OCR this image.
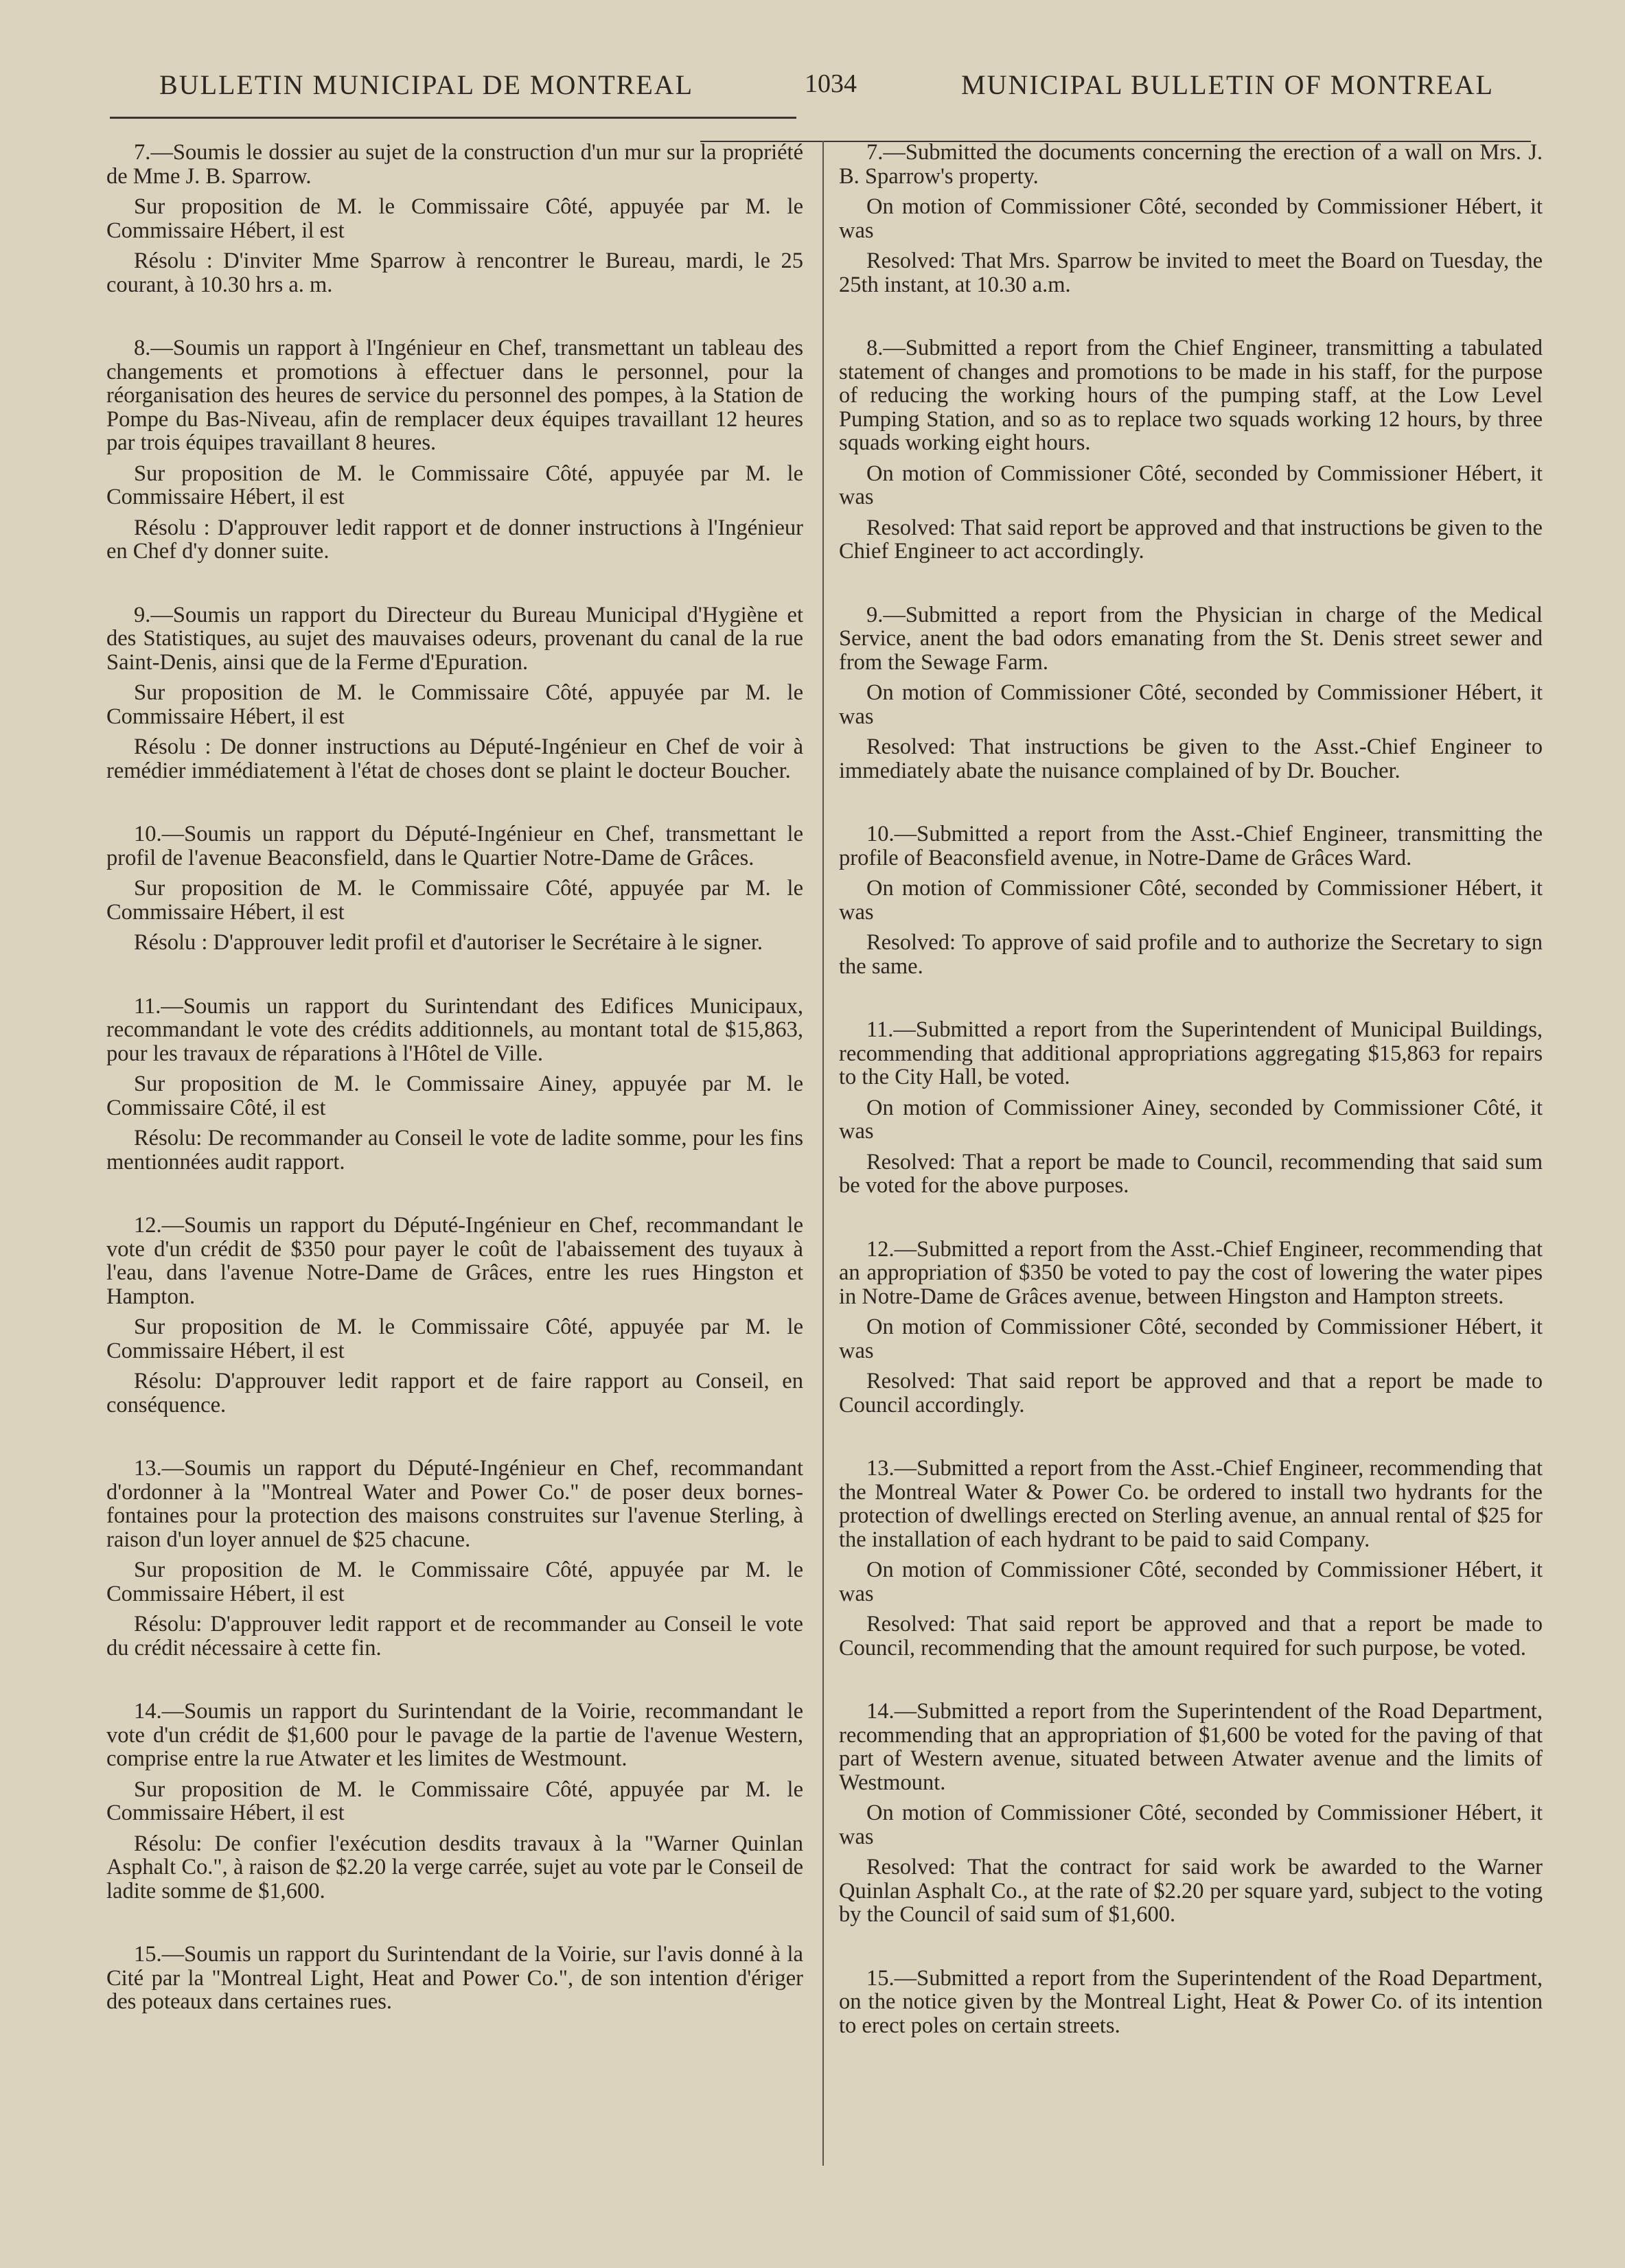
BULLETIN MUNICIPAL DE MONTREAL	1034	MUNICIPAL BULLETIN OF MONTREAL

7.—Soumis le dossier au sujet de la construction d'un mur sur la propriété de Mme J. B. Sparrow.

Sur proposition de M. le Commissaire Côté, appuyée par M. le Commissaire Hébert, il est

Résolu : D'inviter Mme Sparrow à rencontrer le Bureau, mardi, le 25 courant, à 10.30 hrs a. m.

8.—Soumis un rapport à l'Ingénieur en Chef, transmettant un tableau des changements et promotions à effectuer dans le personnel, pour la réorganisation des heures de service du personnel des pompes, à la Station de Pompe du Bas-Niveau, afin de remplacer deux équipes travaillant 12 heures par trois équipes travaillant 8 heures.

Sur proposition de M. le Commissaire Côté, appuyée par M. le Commissaire Hébert, il est

Résolu : D'approuver ledit rapport et de donner instructions à l'Ingénieur en Chef d'y donner suite.

9.—Soumis un rapport du Directeur du Bureau Municipal d'Hygiène et des Statistiques, au sujet des mauvaises odeurs, provenant du canal de la rue Saint-Denis, ainsi que de la Ferme d'Epuration.

Sur proposition de M. le Commissaire Côté, appuyée par M. le Commissaire Hébert, il est

Résolu : De donner instructions au Député-Ingénieur en Chef de voir à remédier immédiatement à l'état de choses dont se plaint le docteur Boucher.

10.—Soumis un rapport du Député-Ingénieur en Chef, transmettant le profil de l'avenue Beaconsfield, dans le Quartier Notre-Dame de Grâces.

Sur proposition de M. le Commissaire Côté, appuyée par M. le Commissaire Hébert, il est

Résolu : D'approuver ledit profil et d'autoriser le Secrétaire à le signer.

11.—Soumis un rapport du Surintendant des Edifices Municipaux, recommandant le vote des crédits additionnels, au montant total de $15,863, pour les travaux de réparations à l'Hôtel de Ville.

Sur proposition de M. le Commissaire Ainey, appuyée par M. le Commissaire Côté, il est

Résolu: De recommander au Conseil le vote de ladite somme, pour les fins mentionnées audit rapport.

12.—Soumis un rapport du Député-Ingénieur en Chef, recommandant le vote d'un crédit de $350 pour payer le coût de l'abaissement des tuyaux à l'eau, dans l'avenue Notre-Dame de Grâces, entre les rues Hingston et Hampton.

Sur proposition de M. le Commissaire Côté, appuyée par M. le Commissaire Hébert, il est

Résolu: D'approuver ledit rapport et de faire rapport au Conseil, en conséquence.

13.—Soumis un rapport du Député-Ingénieur en Chef, recommandant d'ordonner à la "Montreal Water and Power Co." de poser deux bornes-fontaines pour la protection des maisons construites sur l'avenue Sterling, à raison d'un loyer annuel de $25 chacune.

Sur proposition de M. le Commissaire Côté, appuyée par M. le Commissaire Hébert, il est

Résolu: D'approuver ledit rapport et de recommander au Conseil le vote du crédit nécessaire à cette fin.

14.—Soumis un rapport du Surintendant de la Voirie, recommandant le vote d'un crédit de $1,600 pour le pavage de la partie de l'avenue Western, comprise entre la rue Atwater et les limites de Westmount.

Sur proposition de M. le Commissaire Côté, appuyée par M. le Commissaire Hébert, il est

Résolu: De confier l'exécution desdits travaux à la "Warner Quinlan Asphalt Co.", à raison de $2.20 la verge carrée, sujet au vote par le Conseil de ladite somme de $1,600.

15.—Soumis un rapport du Surintendant de la Voirie, sur l'avis donné à la Cité par la "Montreal Light, Heat and Power Co.", de son intention d'ériger des poteaux dans certaines rues.

7.—Submitted the documents concerning the erection of a wall on Mrs. J. B. Sparrow's property.

On motion of Commissioner Côté, seconded by Commissioner Hébert, it was

Resolved: That Mrs. Sparrow be invited to meet the Board on Tuesday, the 25th instant, at 10.30 a.m.

8.—Submitted a report from the Chief Engineer, transmitting a tabulated statement of changes and promotions to be made in his staff, for the purpose of reducing the working hours of the pumping staff, at the Low Level Pumping Station, and so as to replace two squads working 12 hours, by three squads working eight hours.

On motion of Commissioner Côté, seconded by Commissioner Hébert, it was

Resolved: That said report be approved and that instructions be given to the Chief Engineer to act accordingly.

9.—Submitted a report from the Physician in charge of the Medical Service, anent the bad odors emanating from the St. Denis street sewer and from the Sewage Farm.

On motion of Commissioner Côté, seconded by Commissioner Hébert, it was

Resolved: That instructions be given to the Asst.-Chief Engineer to immediately abate the nuisance complained of by Dr. Boucher.

10.—Submitted a report from the Asst.-Chief Engineer, transmitting the profile of Beaconsfield avenue, in Notre-Dame de Grâces Ward.

On motion of Commissioner Côté, seconded by Commissioner Hébert, it was

Resolved: To approve of said profile and to authorize the Secretary to sign the same.

11.—Submitted a report from the Superintendent of Municipal Buildings, recommending that additional appropriations aggregating $15,863 for repairs to the City Hall, be voted.

On motion of Commissioner Ainey, seconded by Commissioner Côté, it was

Resolved: That a report be made to Council, recommending that said sum be voted for the above purposes.

12.—Submitted a report from the Asst.-Chief Engineer, recommending that an appropriation of $350 be voted to pay the cost of lowering the water pipes in Notre-Dame de Grâces avenue, between Hingston and Hampton streets.

On motion of Commissioner Côté, seconded by Commissioner Hébert, it was

Resolved: That said report be approved and that a report be made to Council accordingly.

13.—Submitted a report from the Asst.-Chief Engineer, recommending that the Montreal Water & Power Co. be ordered to install two hydrants for the protection of dwellings erected on Sterling avenue, an annual rental of $25 for the installation of each hydrant to be paid to said Company.

On motion of Commissioner Côté, seconded by Commissioner Hébert, it was

Resolved: That said report be approved and that a report be made to Council, recommending that the amount required for such purpose, be voted.

14.—Submitted a report from the Superintendent of the Road Department, recommending that an appropriation of $1,600 be voted for the paving of that part of Western avenue, situated between Atwater avenue and the limits of Westmount.

On motion of Commissioner Côté, seconded by Commissioner Hébert, it was

Resolved: That the contract for said work be awarded to the Warner Quinlan Asphalt Co., at the rate of $2.20 per square yard, subject to the voting by the Council of said sum of $1,600.

15.—Submitted a report from the Superintendent of the Road Department, on the notice given by the Montreal Light, Heat & Power Co. of its intention to erect poles on certain streets.
